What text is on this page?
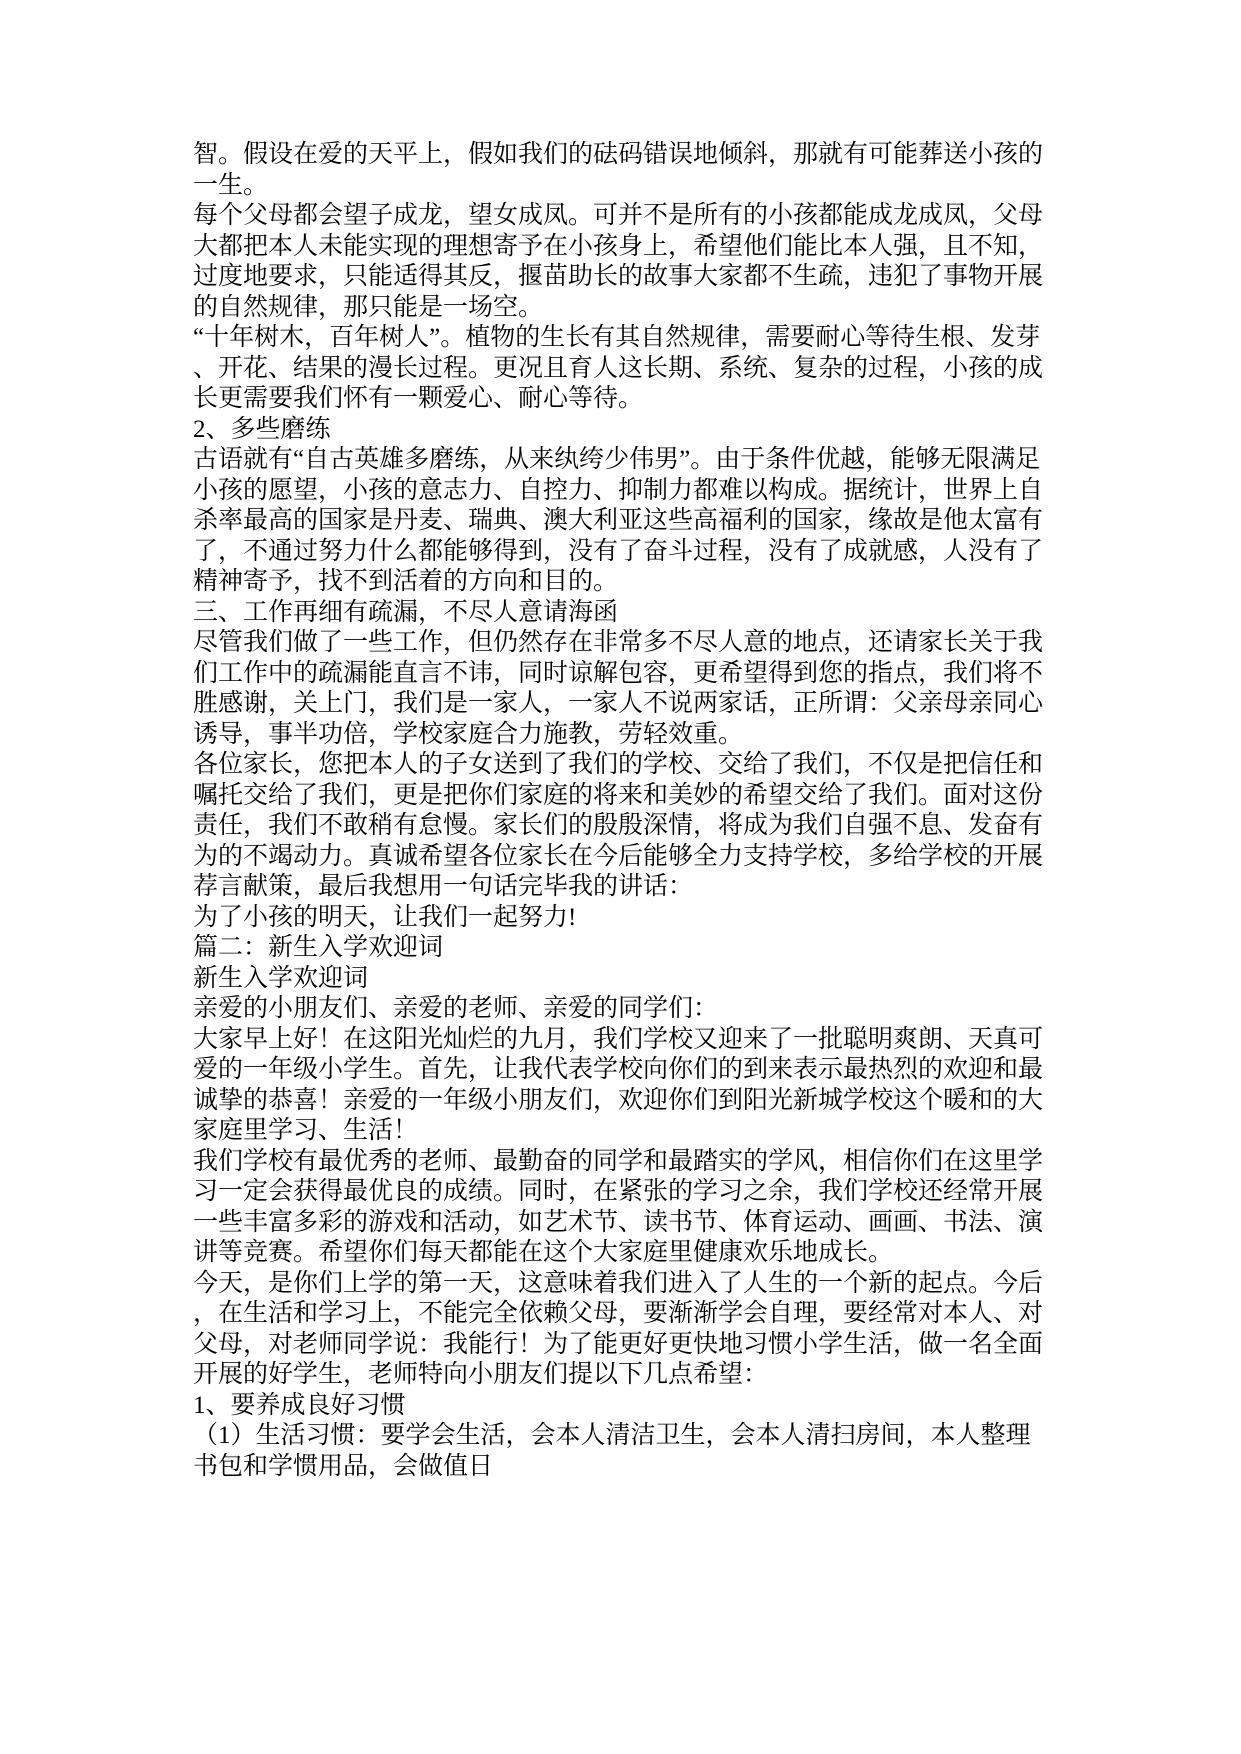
智。假设在爱的天平上，假如我们的砝码错误地倾斜，那就有可能葬送小孩的
一生。
每个父母都会望子成龙，望女成凤。可并不是所有的小孩都能成龙成凤，父母
大都把本人未能实现的理想寄予在小孩身上，希望他们能比本人强，且不知，
过度地要求，只能适得其反，揠苗助长的故事大家都不生疏，违犯了事物开展
的自然规律，那只能是一场空。
“十年树木，百年树人”。植物的生长有其自然规律，需要耐心等待生根、发芽
、开花、结果的漫长过程。更况且育人这长期、系统、复杂的过程，小孩的成
长更需要我们怀有一颗爱心、耐心等待。
2、多些磨练
古语就有“自古英雄多磨练，从来纨绔少伟男”。由于条件优越，能够无限满足
小孩的愿望，小孩的意志力、自控力、抑制力都难以构成。据统计，世界上自
杀率最高的国家是丹麦、瑞典、澳大利亚这些高福利的国家，缘故是他太富有
了，不通过努力什么都能够得到，没有了奋斗过程，没有了成就感，人没有了
精神寄予，找不到活着的方向和目的。
三、工作再细有疏漏，不尽人意请海函
尽管我们做了一些工作，但仍然存在非常多不尽人意的地点，还请家长关于我
们工作中的疏漏能直言不讳，同时谅解包容，更希望得到您的指点，我们将不
胜感谢，关上门，我们是一家人，一家人不说两家话，正所谓：父亲母亲同心
诱导，事半功倍，学校家庭合力施教，劳轻效重。
各位家长，您把本人的子女送到了我们的学校、交给了我们，不仅是把信任和
嘱托交给了我们，更是把你们家庭的将来和美妙的希望交给了我们。面对这份
责任，我们不敢稍有怠慢。家长们的殷殷深情，将成为我们自强不息、发奋有
为的不竭动力。真诚希望各位家长在今后能够全力支持学校，多给学校的开展
荐言献策，最后我想用一句话完毕我的讲话：
为了小孩的明天，让我们一起努力!
篇二：新生入学欢迎词
新生入学欢迎词
亲爱的小朋友们、亲爱的老师、亲爱的同学们：
大家早上好！在这阳光灿烂的九月，我们学校又迎来了一批聪明爽朗、天真可
爱的一年级小学生。首先，让我代表学校向你们的到来表示最热烈的欢迎和最
诚挚的恭喜！亲爱的一年级小朋友们，欢迎你们到阳光新城学校这个暖和的大
家庭里学习、生活！
我们学校有最优秀的老师、最勤奋的同学和最踏实的学风，相信你们在这里学
习一定会获得最优良的成绩。同时，在紧张的学习之余，我们学校还经常开展
一些丰富多彩的游戏和活动，如艺术节、读书节、体育运动、画画、书法、演
讲等竞赛。希望你们每天都能在这个大家庭里健康欢乐地成长。
今天，是你们上学的第一天，这意味着我们进入了人生的一个新的起点。今后
，在生活和学习上，不能完全依赖父母，要渐渐学会自理，要经常对本人、对
父母，对老师同学说：我能行！为了能更好更快地习惯小学生活，做一名全面
开展的好学生，老师特向小朋友们提以下几点希望：
1、要养成良好习惯
（1）生活习惯：要学会生活，会本人清洁卫生，会本人清扫房间，本人整理
书包和学惯用品，会做值日
